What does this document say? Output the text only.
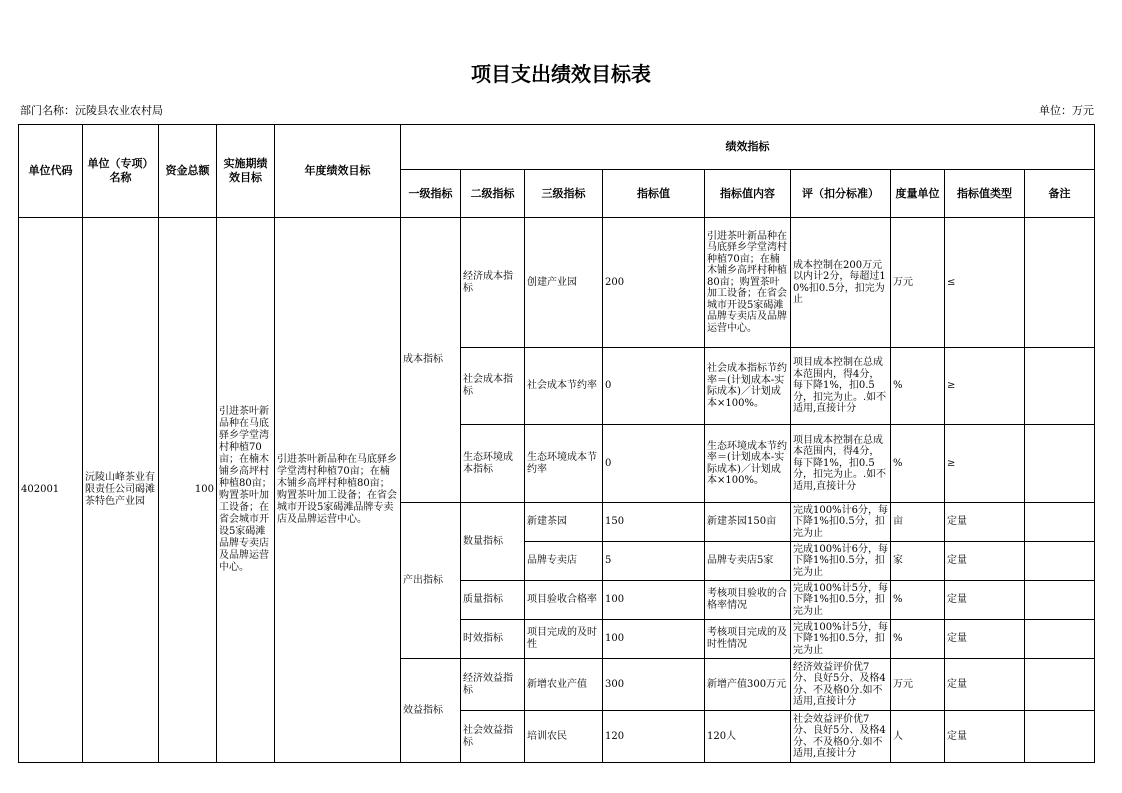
项目支出绩效目标表
部门名称：沅陵县农业农村局	单位：万元
单位代码	单位（专项）名称	资金总额	实施期绩效目标	年度绩效目标	绩效指标								
					一级指标	二级指标	三级指标	指标值	指标值内容	评（扣分标准）	度量单位	指标值类型	备注
402001	沅陵山峰茶业有限责任公司碣滩茶特色产业园	100	引进茶叶新品种在马底驿乡学堂湾村种植70亩；在楠木铺乡高坪村种植80亩；购置茶叶加工设备；在省会城市开设5家碣滩品牌专卖店及品牌运营中心。	引进茶叶新品种在马底驿乡学堂湾村种植70亩；在楠木铺乡高坪村种植80亩；购置茶叶加工设备；在省会城市开设5家碣滩品牌专卖店及品牌运营中心。	成本指标	经济成本指标	创建产业园	200	引进茶叶新品种在马底驿乡学堂湾村种植70亩；在楠木铺乡高坪村种植80亩；购置茶叶加工设备；在省会城市开设5家碣滩品牌专卖店及品牌运营中心。	成本控制在200万元以内计2分，每超过10%扣0.5分，扣完为止	万元	≤	
						社会成本指标	社会成本节约率	0	社会成本指标节约率＝(计划成本-实际成本)／计划成本×100%。	项目成本控制在总成本范围内，得4分，每下降1%，扣0.5分，扣完为止。.如不适用,直接计分	%	≥	
						生态环境成本指标	生态环境成本节约率	0	生态环境成本节约率＝(计划成本-实际成本)／计划成本×100%。	项目成本控制在总成本范围内，得4分，每下降1%，扣0.5分，扣完为止。.如不适用,直接计分	%	≥	
					产出指标	数量指标	新建茶园	150	新建茶园150亩	完成100%计6分，每下降1%扣0.5分，扣完为止	亩	定量	
							品牌专卖店	5	品牌专卖店5家	完成100%计6分，每下降1%扣0.5分，扣完为止	家	定量	
						质量指标	项目验收合格率	100	考核项目验收的合格率情况	完成100%计5分，每下降1%扣0.5分，扣完为止	%	定量	
						时效指标	项目完成的及时性	100	考核项目完成的及时性情况	完成100%计5分，每下降1%扣0.5分，扣完为止	%	定量	
					效益指标	经济效益指标	新增农业产值	300	新增产值300万元	经济效益评价优7分、良好5分、及格4分、不及格0分.如不适用,直接计分	万元	定量	
						社会效益指标	培训农民	120	120人	社会效益评价优7分、良好5分、及格4分、不及格0分.如不适用,直接计分	人	定量	
